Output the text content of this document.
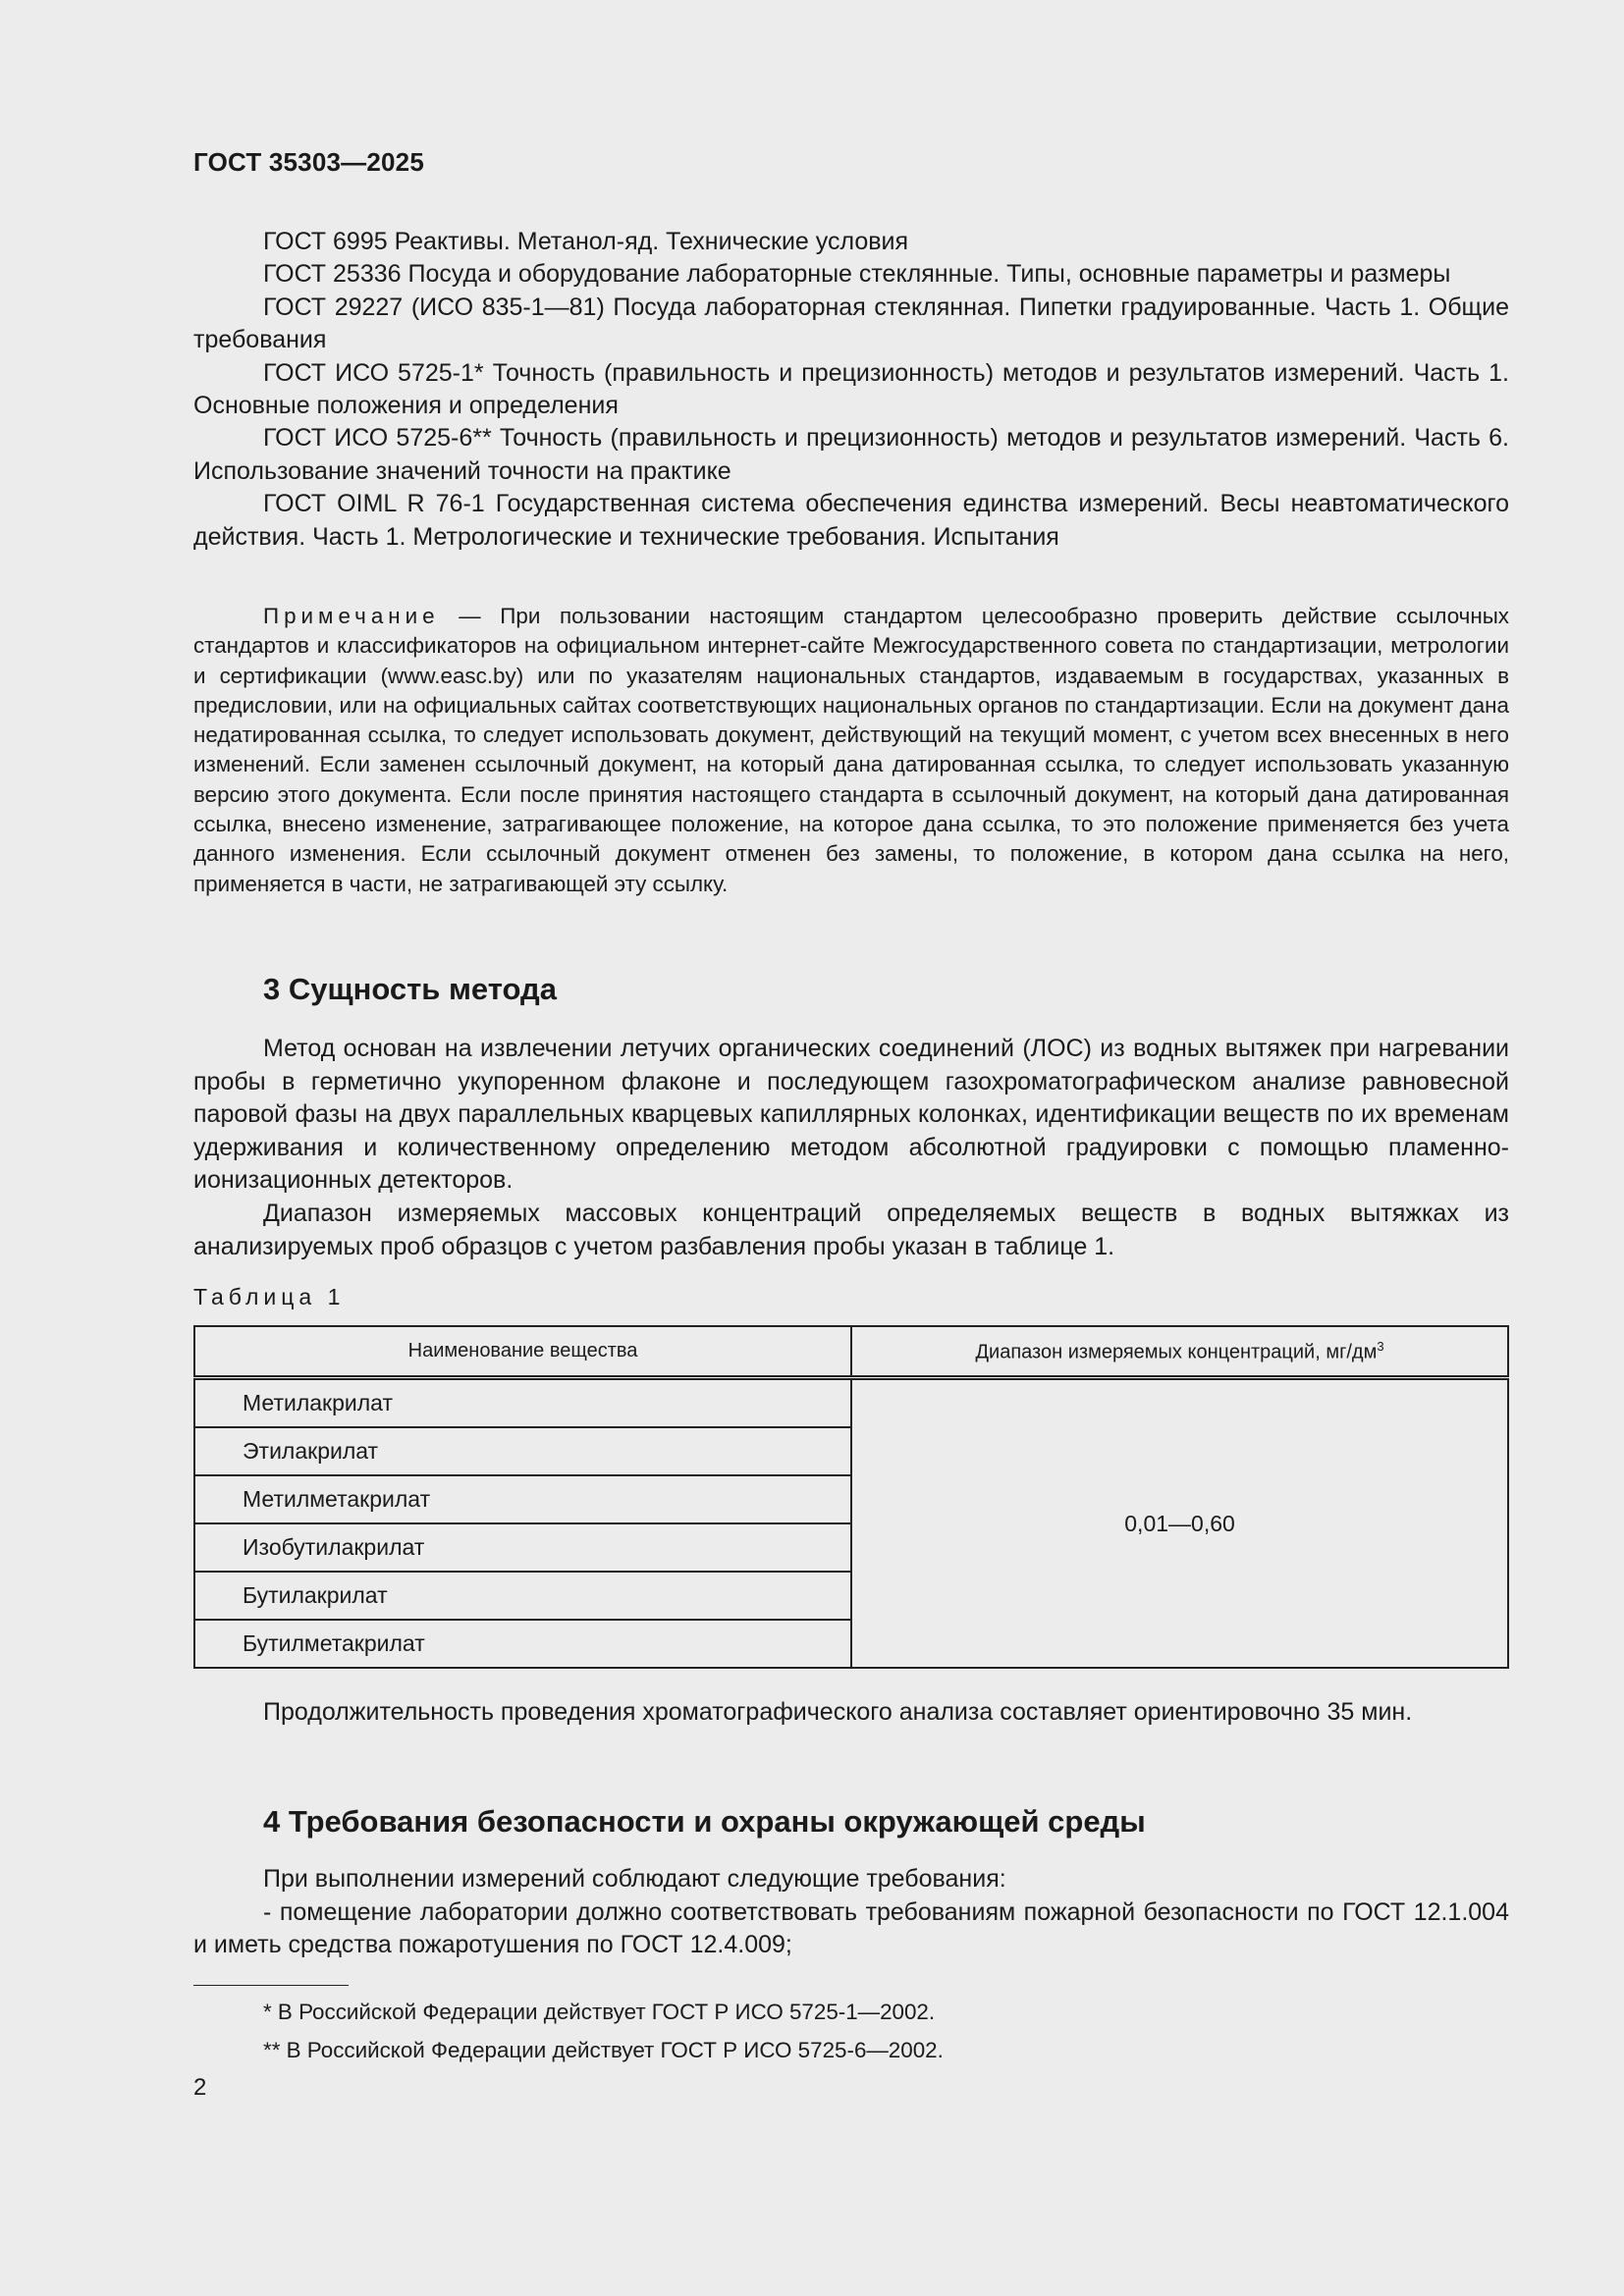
ГОСТ 35303—2025

ГОСТ 6995 Реактивы. Метанол-яд. Технические условия

ГОСТ 25336 Посуда и оборудование лабораторные стеклянные. Типы, основные параметры и размеры

ГОСТ 29227 (ИСО 835-1—81) Посуда лабораторная стеклянная. Пипетки градуированные. Часть 1. Общие требования

ГОСТ ИСО 5725-1* Точность (правильность и прецизионность) методов и результатов измерений. Часть 1. Основные положения и определения

ГОСТ ИСО 5725-6** Точность (правильность и прецизионность) методов и результатов измерений. Часть 6. Использование значений точности на практике

ГОСТ OIML R 76-1 Государственная система обеспечения единства измерений. Весы неавтоматического действия. Часть 1. Метрологические и технические требования. Испытания

Примечание — При пользовании настоящим стандартом целесообразно проверить действие ссылочных стандартов и классификаторов на официальном интернет-сайте Межгосударственного совета по стандартизации, метрологии и сертификации (www.easc.by) или по указателям национальных стандартов, издаваемым в государствах, указанных в предисловии, или на официальных сайтах соответствующих национальных органов по стандартизации. Если на документ дана недатированная ссылка, то следует использовать документ, действующий на текущий момент, с учетом всех внесенных в него изменений. Если заменен ссылочный документ, на который дана датированная ссылка, то следует использовать указанную версию этого документа. Если после принятия настоящего стандарта в ссылочный документ, на который дана датированная ссылка, внесено изменение, затрагивающее положение, на которое дана ссылка, то это положение применяется без учета данного изменения. Если ссылочный документ отменен без замены, то положение, в котором дана ссылка на него, применяется в части, не затрагивающей эту ссылку.

3 Сущность метода

Метод основан на извлечении летучих органических соединений (ЛОС) из водных вытяжек при нагревании пробы в герметично укупоренном флаконе и последующем газохроматографическом анализе равновесной паровой фазы на двух параллельных кварцевых капиллярных колонках, идентификации веществ по их временам удерживания и количественному определению методом абсолютной градуировки с помощью пламенно-ионизационных детекторов.

Диапазон измеряемых массовых концентраций определяемых веществ в водных вытяжках из анализируемых проб образцов с учетом разбавления пробы указан в таблице 1.

Таблица 1
Наименование вещества	Диапазон измеряемых концентраций, $мг/дм^3$
Метилакрилат	0,01—0,60
Этилакрилат	
Метилметакрилат	
Изобутилакрилат	
Бутилакрилат	
Бутилметакрилат	

Продолжительность проведения хроматографического анализа составляет ориентировочно 35 мин.

4 Требования безопасности и охраны окружающей среды

При выполнении измерений соблюдают следующие требования:

- помещение лаборатории должно соответствовать требованиям пожарной безопасности по ГОСТ 12.1.004 и иметь средства пожаротушения по ГОСТ 12.4.009;

* В Российской Федерации действует ГОСТ Р ИСО 5725-1—2002.

** В Российской Федерации действует ГОСТ Р ИСО 5725-6—2002.

2
